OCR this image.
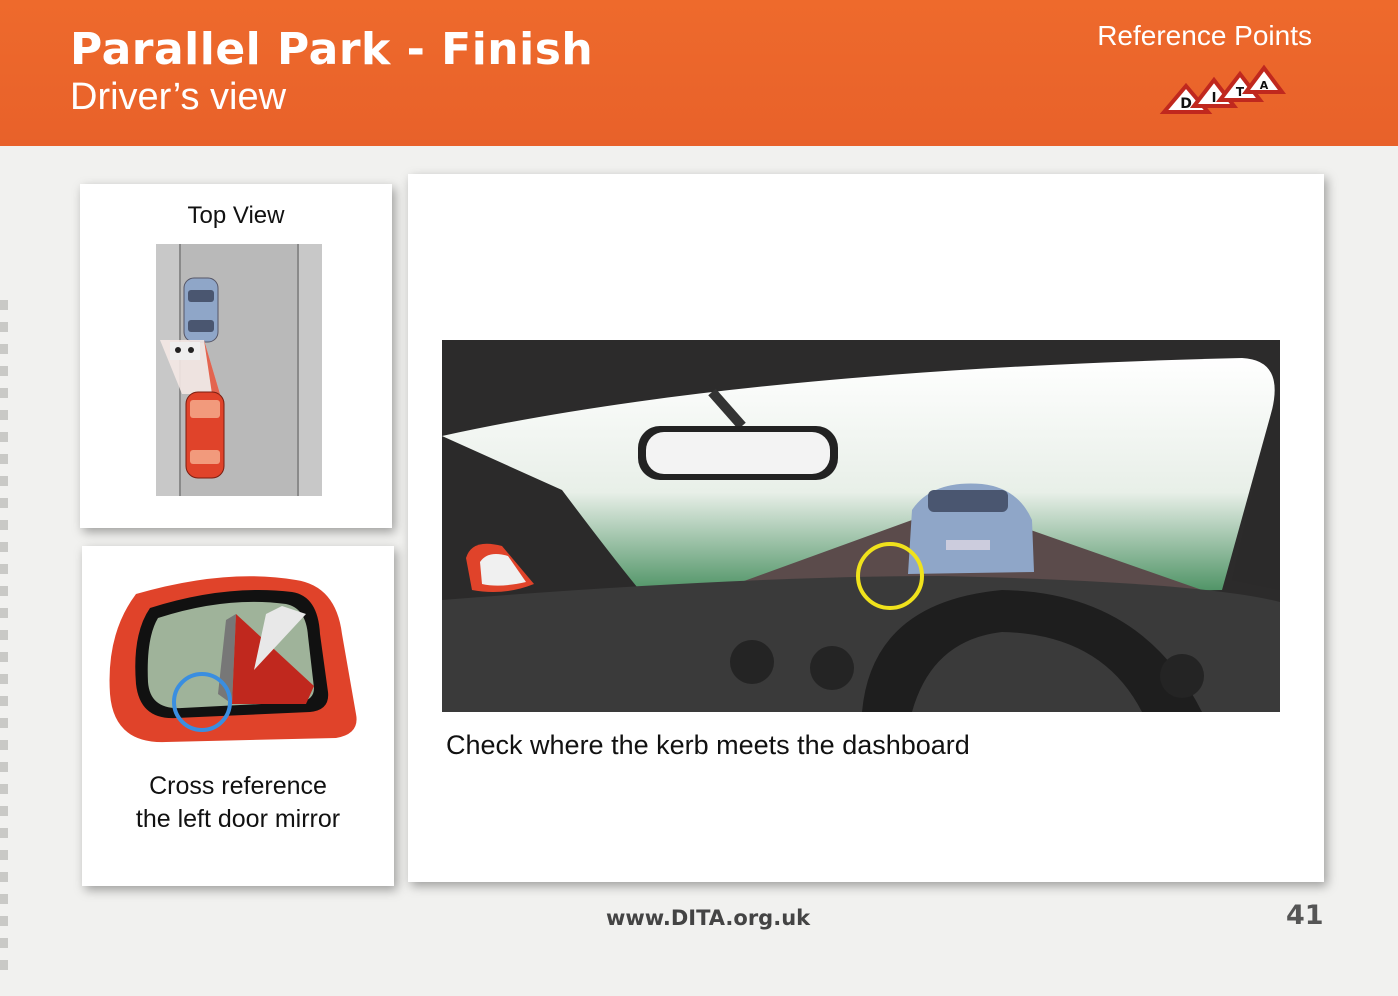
Parallel Park - Finish
Driver’s view
Reference Points
D I T A
Top View
Cross reference
the left door mirror
Check where the kerb meets the dashboard
www.DITA.org.uk	41
